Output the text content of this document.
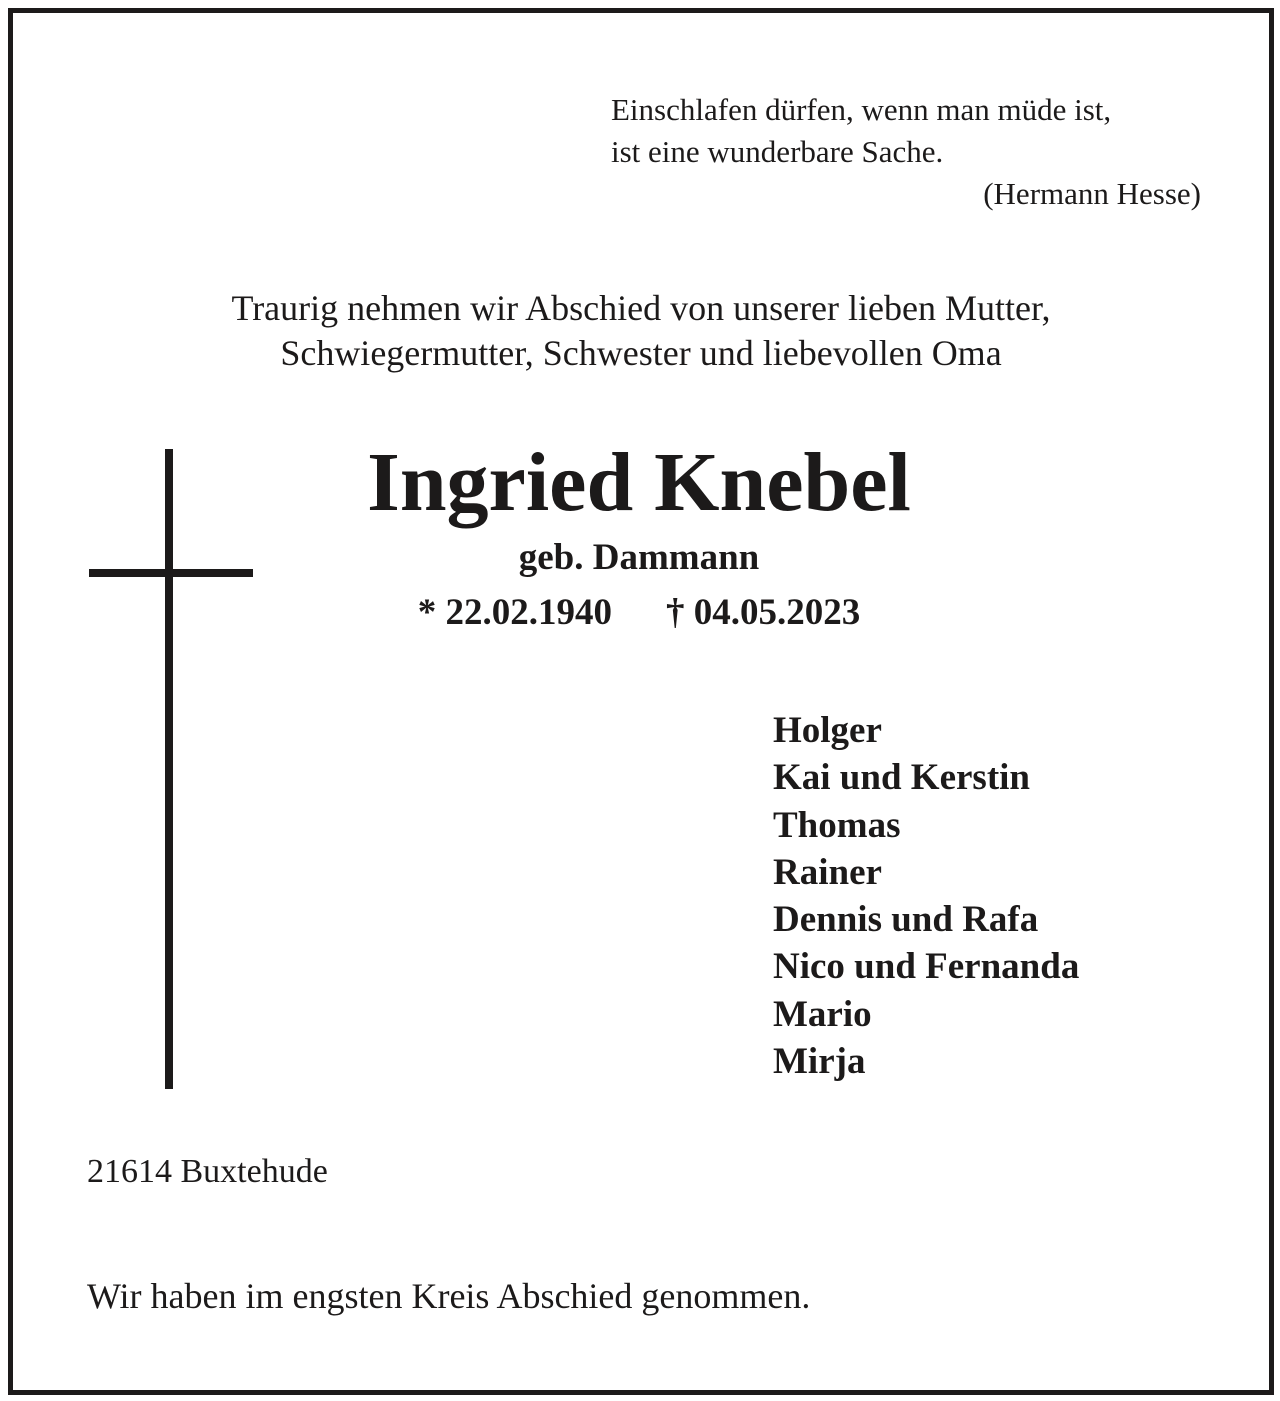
Einschlafen dürfen, wenn man müde ist,
ist eine wunderbare Sache.
(Hermann Hesse)
Traurig nehmen wir Abschied von unserer lieben Mutter,
Schwiegermutter, Schwester und liebevollen Oma
Ingried Knebel
geb. Dammann
* 22.02.1940 † 04.05.2023
Holger
Kai und Kerstin
Thomas
Rainer
Dennis und Rafa
Nico und Fernanda
Mario
Mirja
21614 Buxtehude
Wir haben im engsten Kreis Abschied genommen.
